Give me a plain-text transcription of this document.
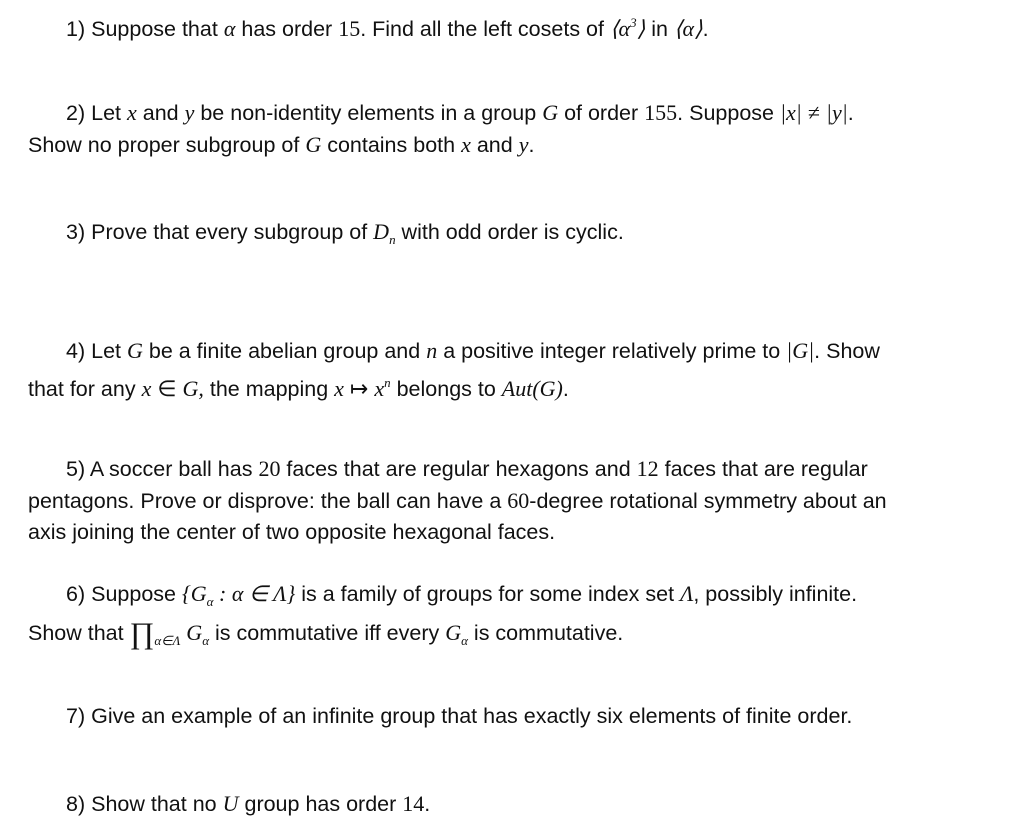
1) Suppose that α has order 15. Find all the left cosets of $⟨\alpha^3⟩$ in ⟨α⟩.

2) Let x and y be non-identity elements in a group G of order 155. Suppose |x| ≠ |y|.

Show no proper subgroup of G contains both x and y.

3) Prove that every subgroup of $D_n$ with odd order is cyclic.

4) Let G be a finite abelian group and n a positive integer relatively prime to |G|. Show

that for any x ∈ G, the mapping x ↦ $x^n$ belongs to Aut(G).

5) A soccer ball has 20 faces that are regular hexagons and 12 faces that are regular

pentagons. Prove or disprove: the ball can have a 60-degree rotational symmetry about an

axis joining the center of two opposite hexagonal faces.

6) Suppose {$G_\alpha$ : α ∈ Λ} is a family of groups for some index set Λ, possibly infinite.

Show that $\prod_{\alpha\in\Lambda}$ $G_\alpha$ is commutative iff every $G_\alpha$ is commutative.

7) Give an example of an infinite group that has exactly six elements of finite order.

8) Show that no U group has order 14.
